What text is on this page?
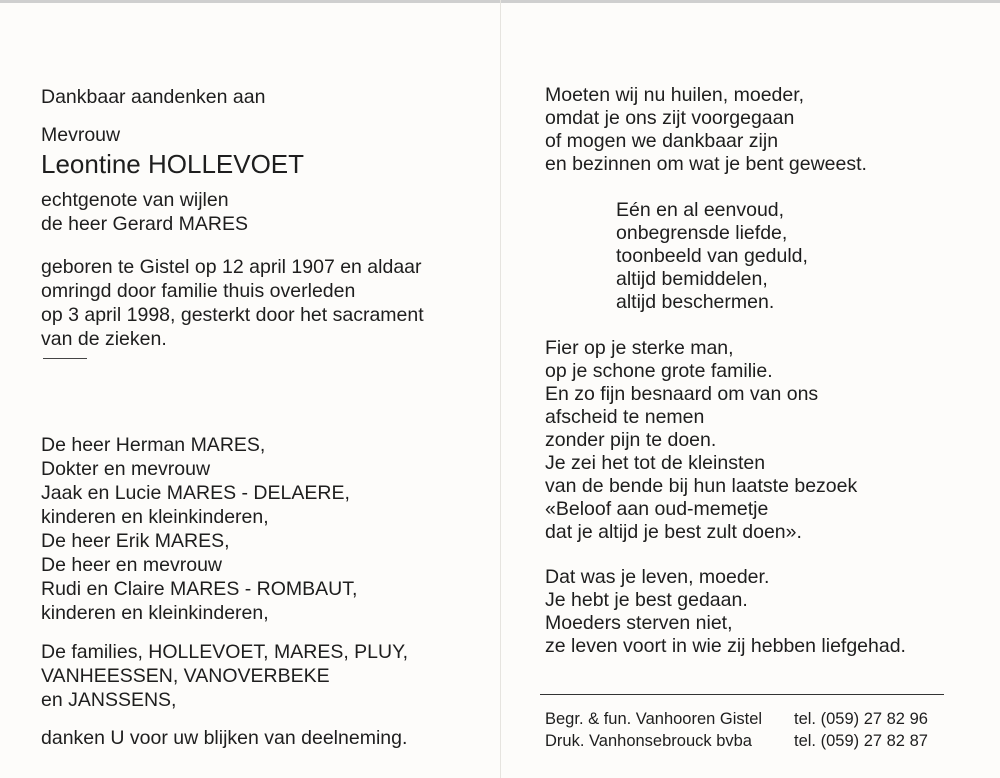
Dankbaar aandenken aan
Mevrouw
Leontine HOLLEVOET
echtgenote van wijlen
de heer Gerard MARES
geboren te Gistel op 12 april 1907 en aldaar
omringd door familie thuis overleden
op 3 april 1998, gesterkt door het sacrament
van de zieken.
De heer Herman MARES,
Dokter en mevrouw
Jaak en Lucie MARES - DELAERE,
kinderen en kleinkinderen,
De heer Erik MARES,
De heer en mevrouw
Rudi en Claire MARES - ROMBAUT,
kinderen en kleinkinderen,
De families, HOLLEVOET, MARES, PLUY,
VANHEESSEN, VANOVERBEKE
en JANSSENS,
danken U voor uw blijken van deelneming.
Moeten wij nu huilen, moeder,
omdat je ons zijt voorgegaan
of mogen we dankbaar zijn
en bezinnen om wat je bent geweest.
Eén en al eenvoud,
onbegrensde liefde,
toonbeeld van geduld,
altijd bemiddelen,
altijd beschermen.
Fier op je sterke man,
op je schone grote familie.
En zo fijn besnaard om van ons
afscheid te nemen
zonder pijn te doen.
Je zei het tot de kleinsten
van de bende bij hun laatste bezoek
«Beloof aan oud-memetje
dat je altijd je best zult doen».
Dat was je leven, moeder.
Je hebt je best gedaan.
Moeders sterven niet,
ze leven voort in wie zij hebben liefgehad.
Begr. & fun. Vanhooren Gistel tel. (059) 27 82 96
Druk. Vanhonsebrouck bvba	tel. (059) 27 82 87
